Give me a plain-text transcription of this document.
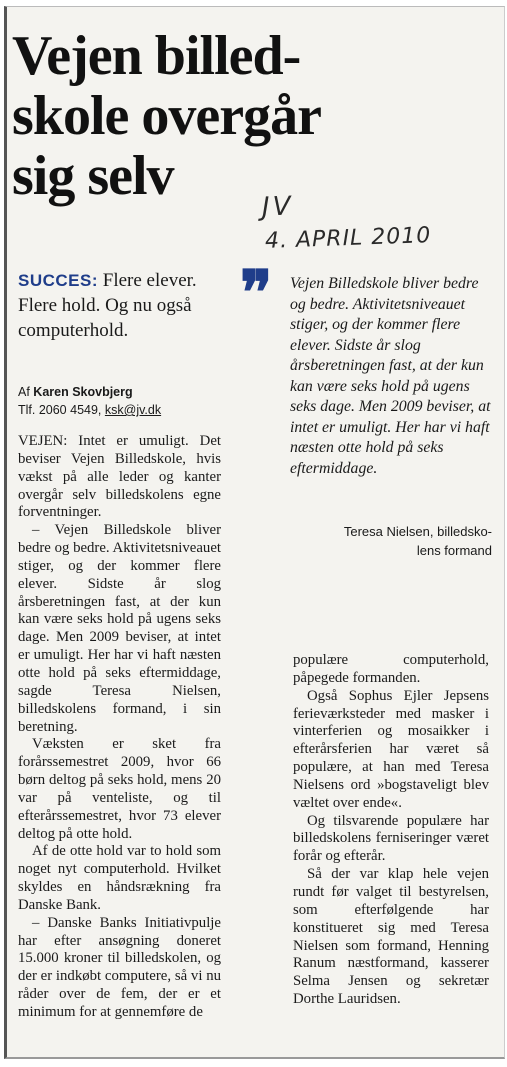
Vejen billed-
skole overgår
sig selv	JV
4. APRIL 2010

SUCCES: Flere elever. Flere hold. Og nu også computerhold.

Af Karen Skovbjerg
Tlf. 2060 4549, ksk@jv.dk
❞ Vejen Billedskole bliver bedre og bedre. Aktivitetsniveauet stiger, og der kommer flere elever. Sidste år slog årsberetningen fast, at der kun kan være seks hold på ugens seks dage. Men 2009 beviser, at intet er umuligt. Her har vi haft næsten otte hold på seks eftermiddage.

Teresa Nielsen, billedsko-
lens formand

VEJEN: Intet er umuligt. Det beviser Vejen Billedskole, hvis vækst på alle leder og kanter overgår selv billedskolens egne forventninger.

– Vejen Billedskole bliver bedre og bedre. Aktivitetsniveauet stiger, og der kommer flere elever. Sidste år slog årsberetningen fast, at der kun kan være seks hold på ugens seks dage. Men 2009 beviser, at intet er umuligt. Her har vi haft næsten otte hold på seks eftermiddage, sagde Teresa Nielsen, billedskolens formand, i sin beretning.

Væksten er sket fra forårssemestret 2009, hvor 66 børn deltog på seks hold, mens 20 var på venteliste, og til efterårssemestret, hvor 73 elever deltog på otte hold.

Af de otte hold var to hold som noget nyt computerhold. Hvilket skyldes en håndsrækning fra Danske Bank.

– Danske Banks Initiativpulje har efter ansøgning doneret 15.000 kroner til billedskolen, og der er indkøbt computere, så vi nu råder over de fem, der er et minimum for at gennemføre de

populære computerhold, påpegede formanden.

Også Sophus Ejler Jepsens ferieværksteder med masker i vinterferien og mosaikker i efterårsferien har været så populære, at han med Teresa Nielsens ord »bogstaveligt blev væltet over ende«.

Og tilsvarende populære har billedskolens ferniseringer været forår og efterår.

Så der var klap hele vejen rundt før valget til bestyrelsen, som efterfølgende har konstitueret sig med Teresa Nielsen som formand, Henning Ranum næstformand, kasserer Selma Jensen og sekretær Dorthe Lauridsen.
